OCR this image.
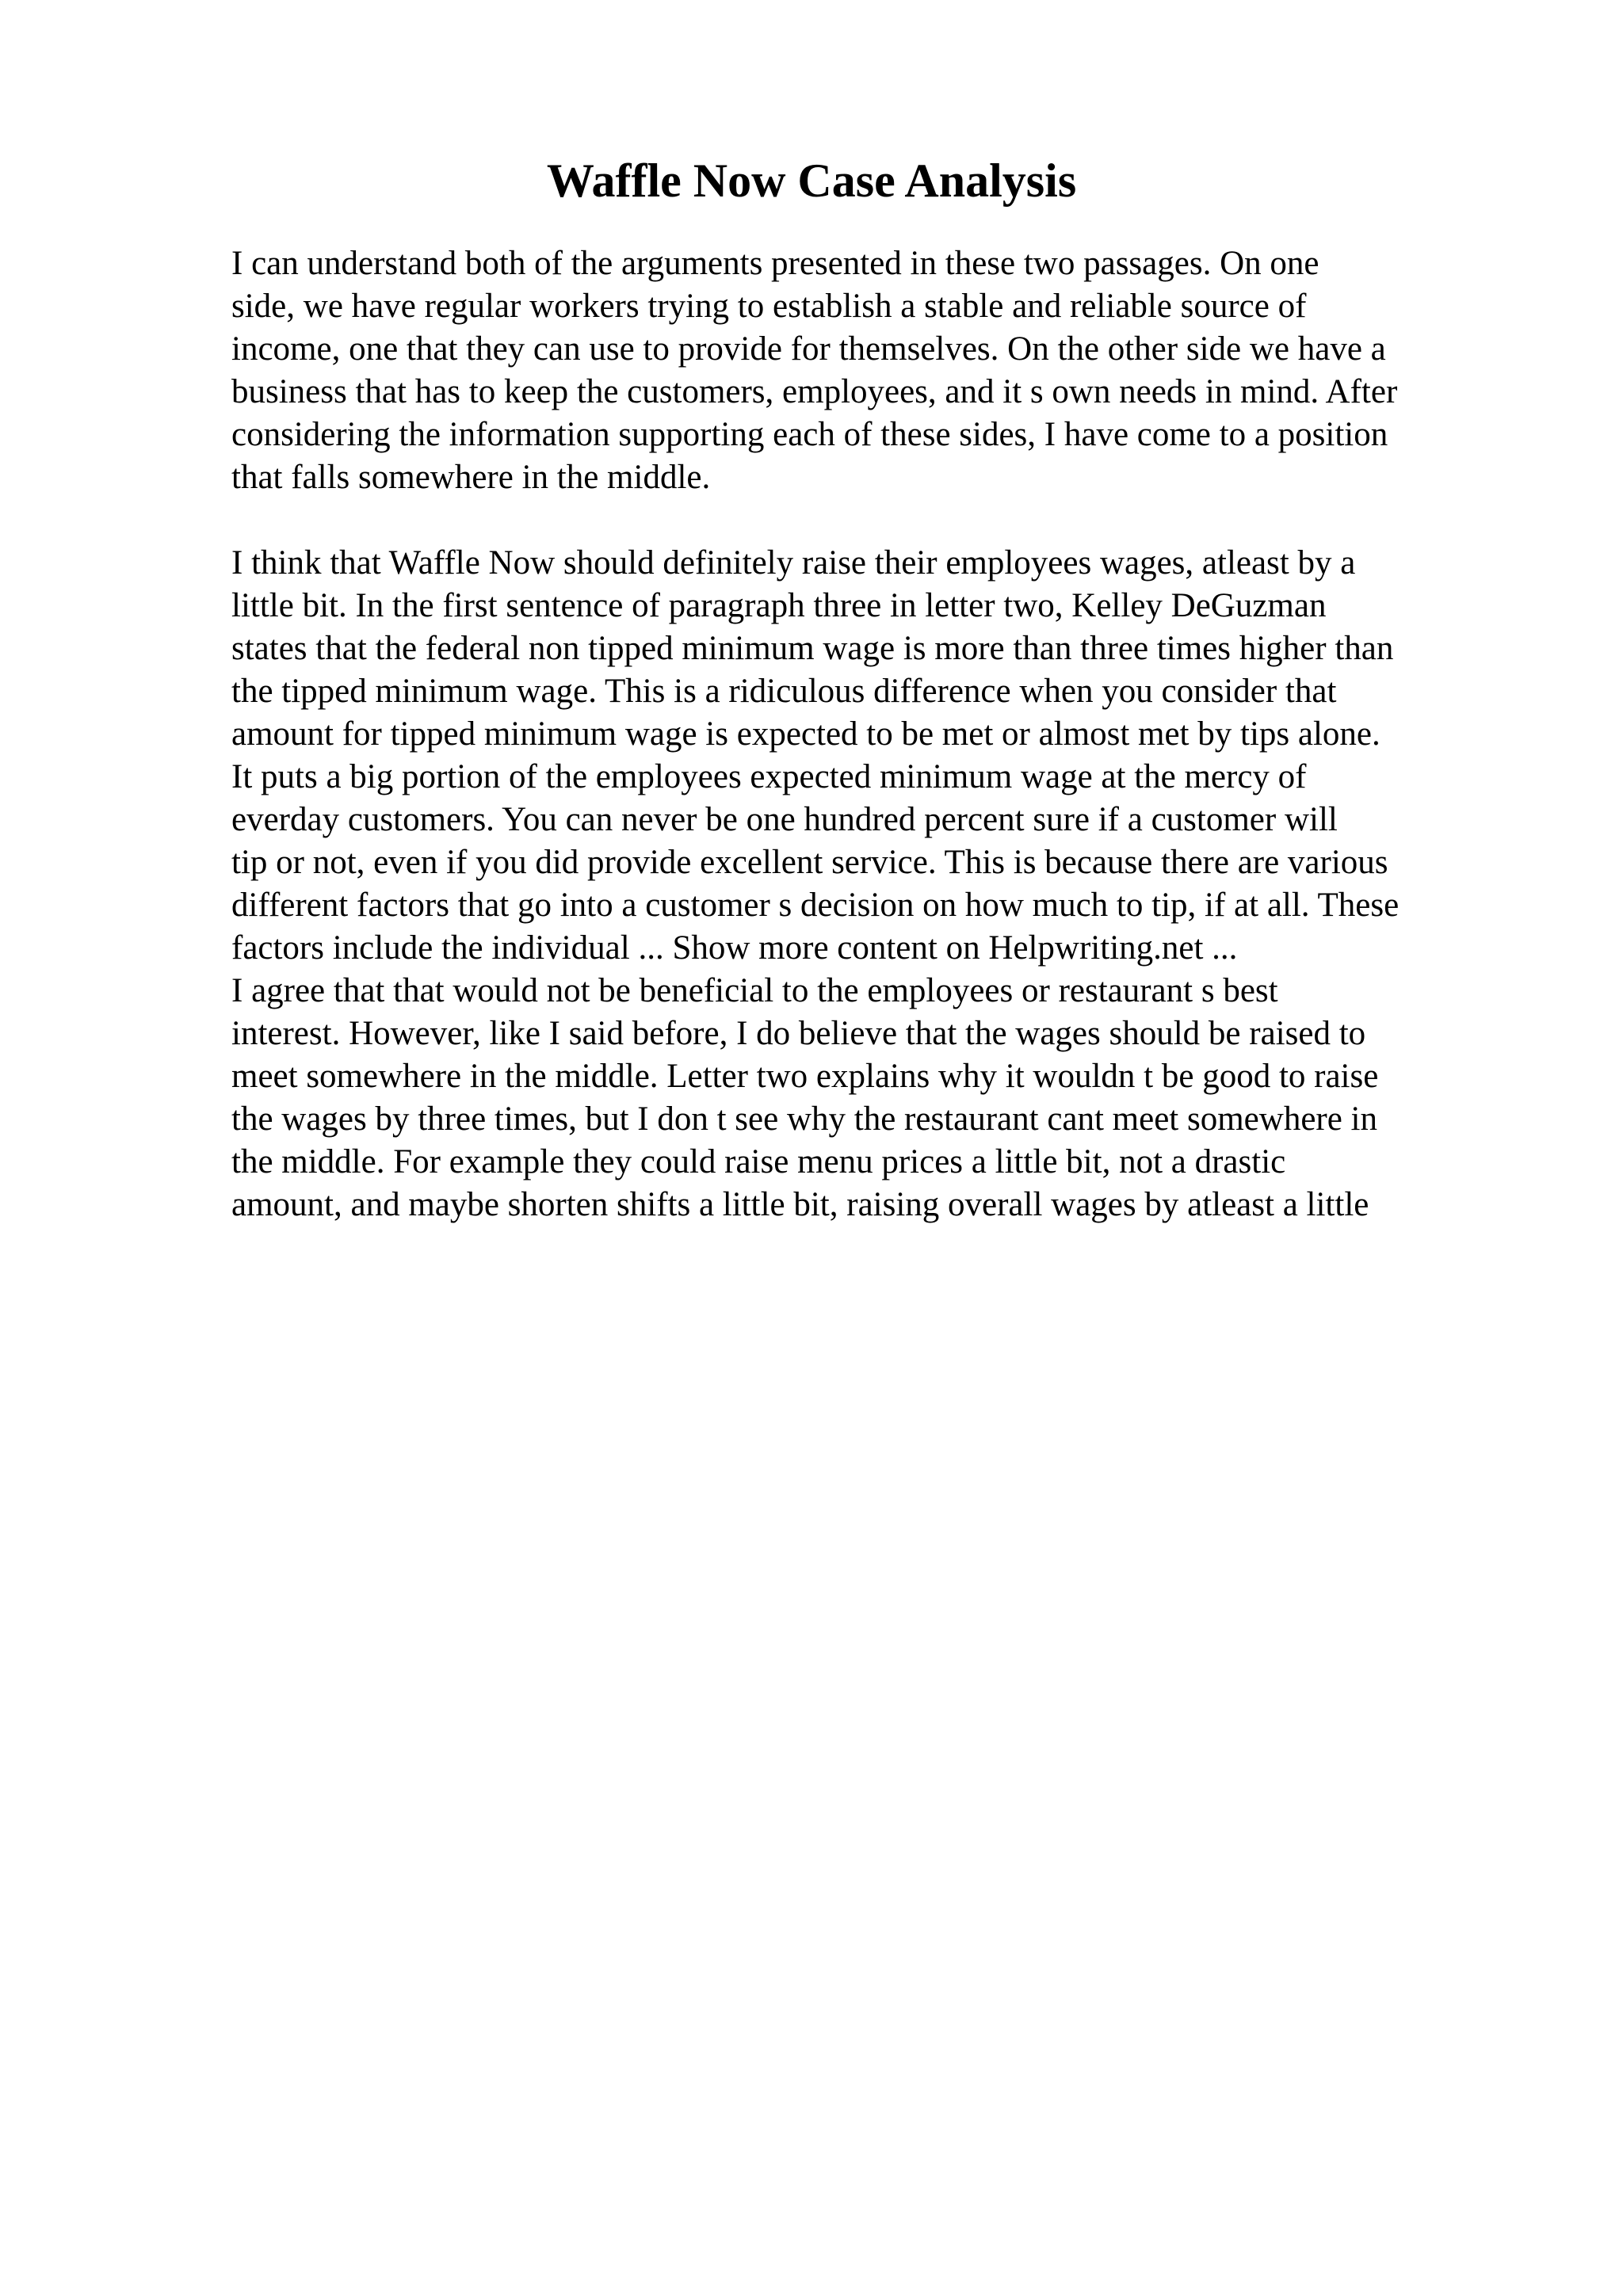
Waffle Now Case Analysis

I can understand both of the arguments presented in these two passages. On one

side, we have regular workers trying to establish a stable and reliable source of

income, one that they can use to provide for themselves. On the other side we have a

business that has to keep the customers, employees, and it s own needs in mind. After

considering the information supporting each of these sides, I have come to a position

that falls somewhere in the middle.

I think that Waffle Now should definitely raise their employees wages, atleast by a

little bit. In the first sentence of paragraph three in letter two, Kelley DeGuzman

states that the federal non tipped minimum wage is more than three times higher than

the tipped minimum wage. This is a ridiculous difference when you consider that

amount for tipped minimum wage is expected to be met or almost met by tips alone.

It puts a big portion of the employees expected minimum wage at the mercy of

everday customers. You can never be one hundred percent sure if a customer will

tip or not, even if you did provide excellent service. This is because there are various

different factors that go into a customer s decision on how much to tip, if at all. These

factors include the individual ... Show more content on Helpwriting.net ...

I agree that that would not be beneficial to the employees or restaurant s best

interest. However, like I said before, I do believe that the wages should be raised to

meet somewhere in the middle. Letter two explains why it wouldn t be good to raise

the wages by three times, but I don t see why the restaurant cant meet somewhere in

the middle. For example they could raise menu prices a little bit, not a drastic

amount, and maybe shorten shifts a little bit, raising overall wages by atleast a little
